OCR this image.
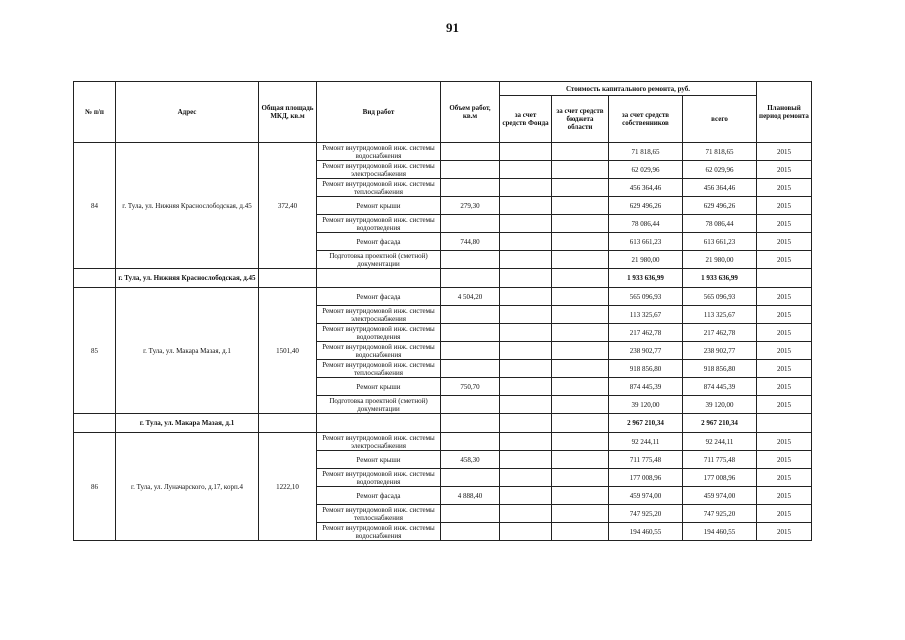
91
№ п/п	Адрес	Общая площадь МКД, кв.м	Вид работ	Объем работ, кв.м	Стоимость капитального ремонта, руб.				Плановый период ремонта
					за счет средств Фонда	за счет средств бюджета области	за счет средств собственников	всего	
84	г. Тула, ул. Нижняя Краснослободская, д.45	372,40	Ремонт внутридомовой инж. системы водоснабжения				71 818,65	71 818,65	2015
			Ремонт внутридомовой инж. системы электроснабжения				62 029,96	62 029,96	2015
			Ремонт внутридомовой инж. системы теплоснабжения				456 364,46	456 364,46	2015
			Ремонт крыши	279,30			629 496,26	629 496,26	2015
			Ремонт внутридомовой инж. системы водоотведения				78 086,44	78 086,44	2015
			Ремонт фасада	744,80			613 661,23	613 661,23	2015
			Подготовка проектной (сметной) документации				21 980,00	21 980,00	2015
	г. Тула, ул. Нижняя Краснослободская, д.45						1 933 636,99	1 933 636,99	
85	г. Тула, ул. Макара Мазая, д.1	1501,40	Ремонт фасада	4 504,20			565 096,93	565 096,93	2015
			Ремонт внутридомовой инж. системы электроснабжения				113 325,67	113 325,67	2015
			Ремонт внутридомовой инж. системы водоотведения				217 462,78	217 462,78	2015
			Ремонт внутридомовой инж. системы водоснабжения				238 902,77	238 902,77	2015
			Ремонт внутридомовой инж. системы теплоснабжения				918 856,80	918 856,80	2015
			Ремонт крыши	750,70			874 445,39	874 445,39	2015
			Подготовка проектной (сметной) документации				39 120,00	39 120,00	2015
	г. Тула, ул. Макара Мазая, д.1						2 967 210,34	2 967 210,34	
86	г. Тула, ул. Луначарского, д.17, корп.4	1222,10	Ремонт внутридомовой инж. системы электроснабжения				92 244,11	92 244,11	2015
			Ремонт крыши	458,30			711 775,48	711 775,48	2015
			Ремонт внутридомовой инж. системы водоотведения				177 008,96	177 008,96	2015
			Ремонт фасада	4 888,40			459 974,00	459 974,00	2015
			Ремонт внутридомовой инж. системы теплоснабжения				747 925,20	747 925,20	2015
			Ремонт внутридомовой инж. системы водоснабжения				194 460,55	194 460,55	2015
